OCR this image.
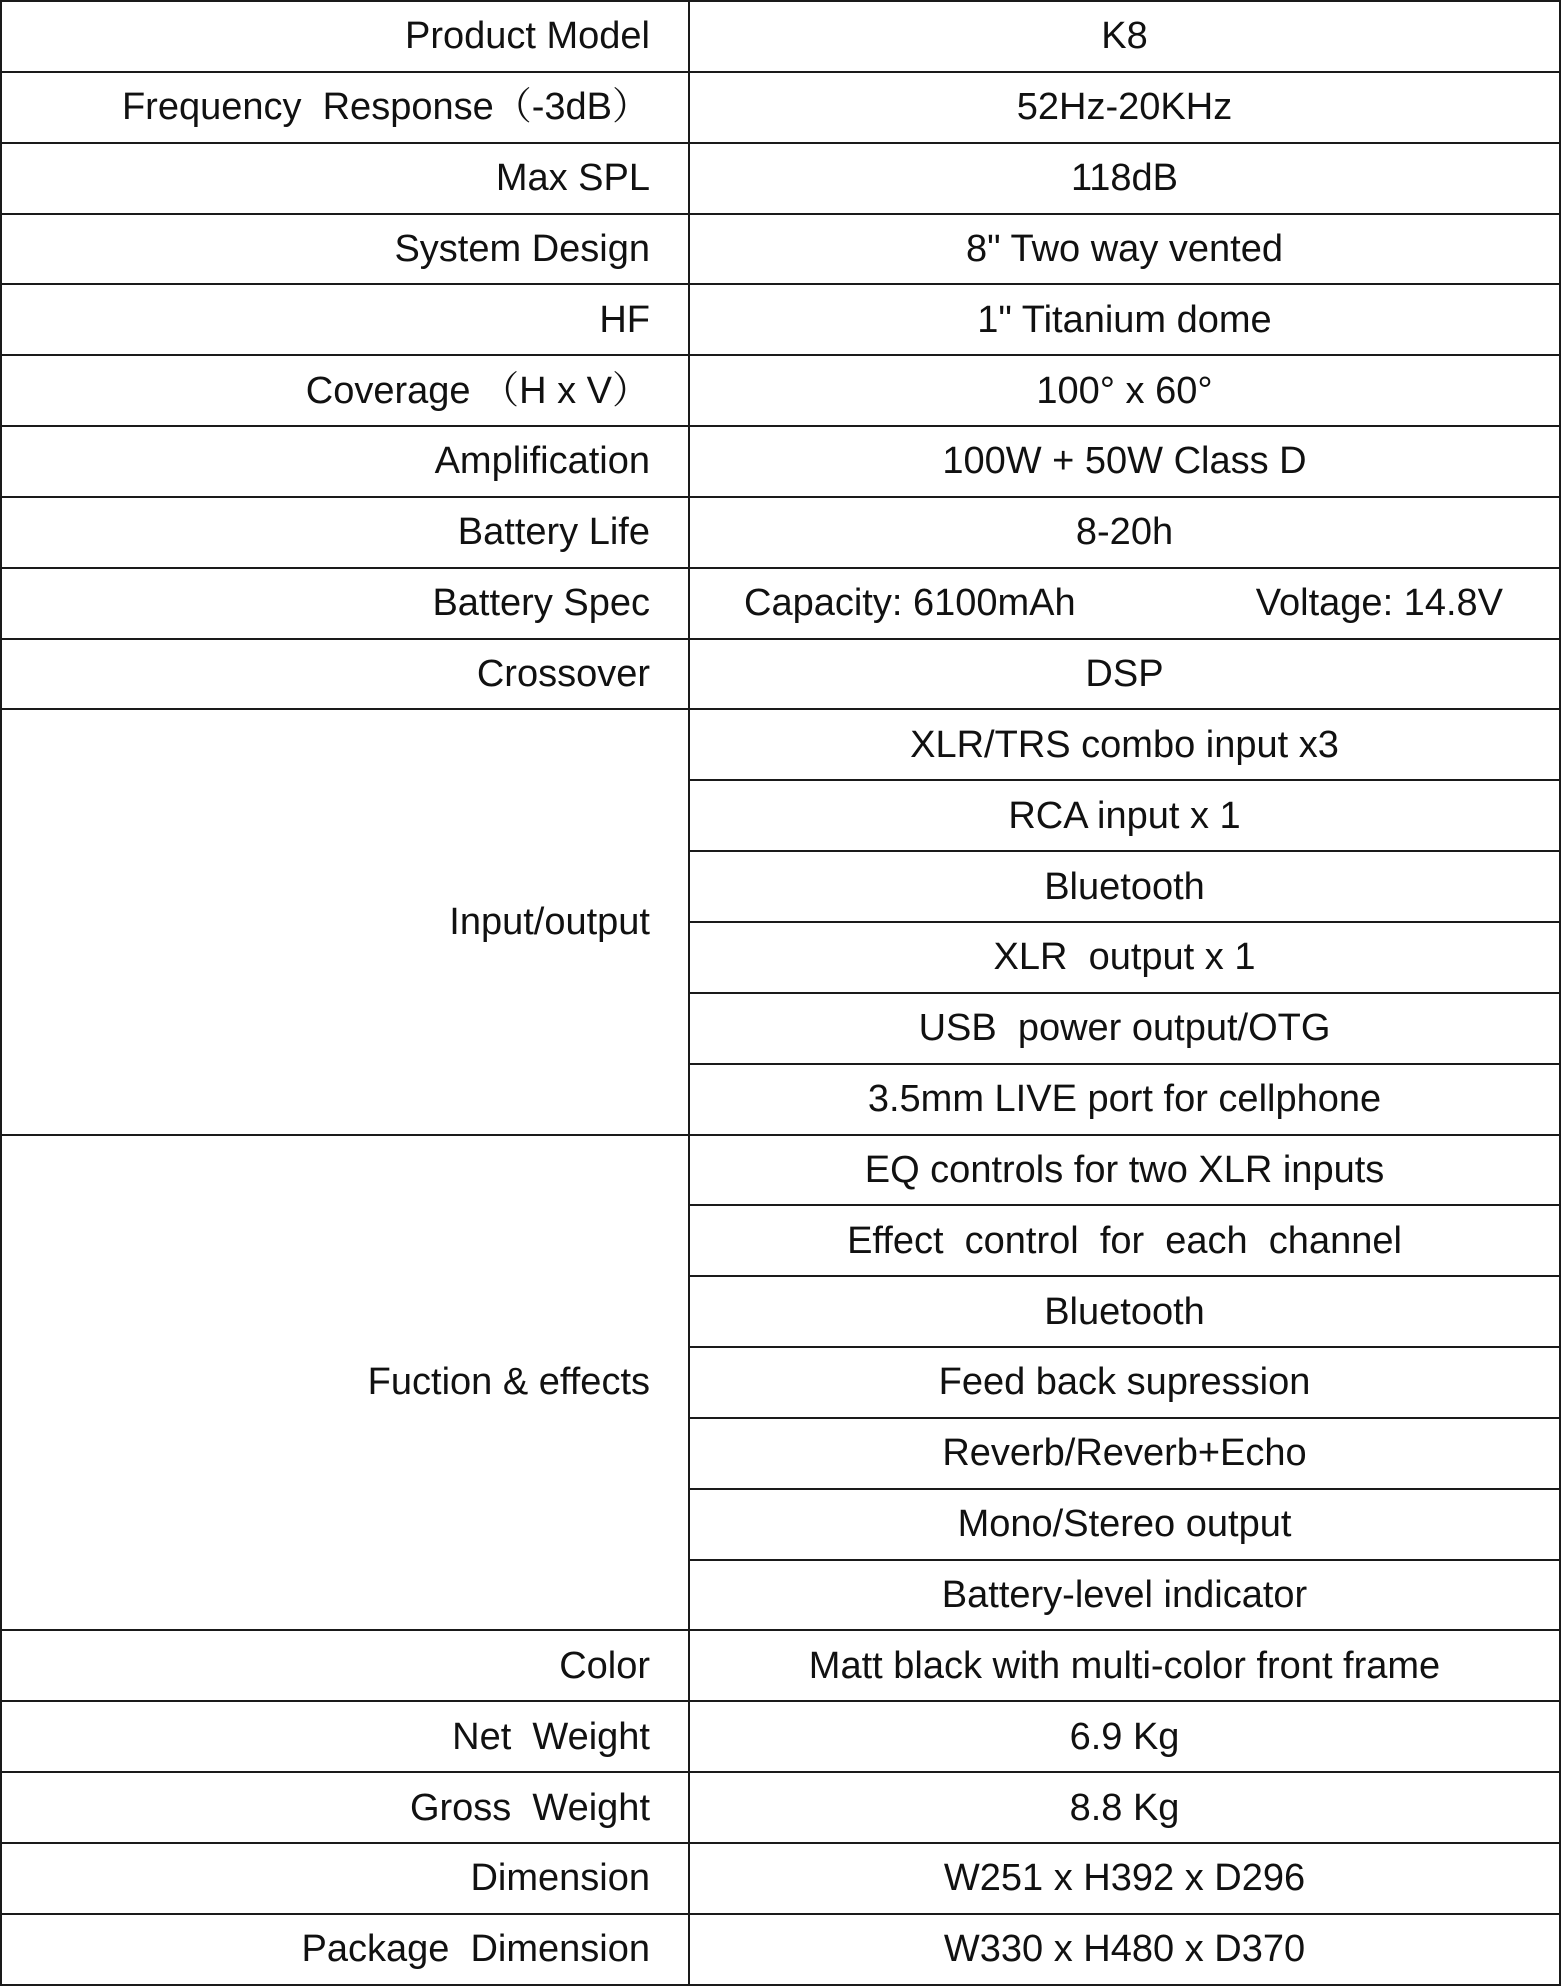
Product Model	K8
Frequency  Response（-3dB）	52Hz-20KHz
Max SPL	118dB
System Design	8" Two way vented
HF	1" Titanium dome
Coverage （H x V）	100° x 60°
Amplification	100W + 50W Class D
Battery Life	8-20h
Battery Spec	Capacity: 6100mAh Voltage: 14.8V

Crossover	DSP
Input/output	XLR/TRS combo input x3
	RCA input x 1
	Bluetooth
	XLR  output x 1
	USB  power output/OTG
	3.5mm LIVE port for cellphone
Fuction & effects	EQ controls for two XLR inputs
	Effect  control  for  each  channel
	Bluetooth
	Feed back supression
	Reverb/Reverb+Echo
	Mono/Stereo output
	Battery-level indicator
Color	Matt black with multi-color front frame
Net  Weight	6.9 Kg
Gross  Weight	8.8 Kg
Dimension	W251 x H392 x D296
Package  Dimension	W330 x H480 x D370
